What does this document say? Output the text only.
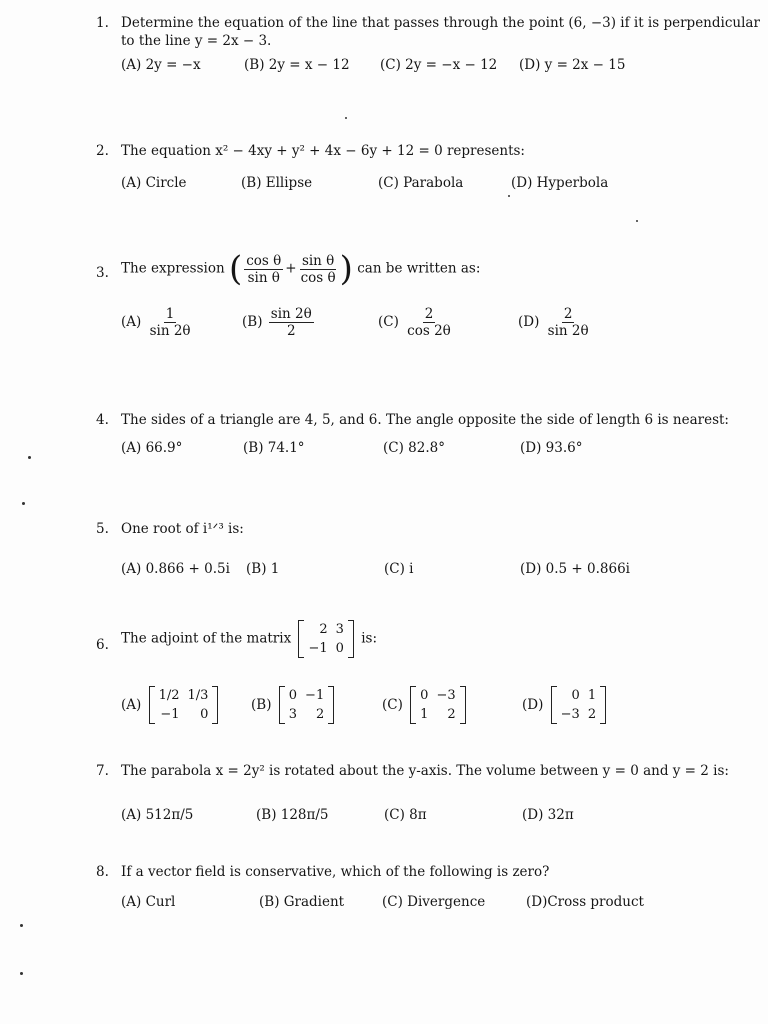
1. Determine the equation of the line that passes through the point (6, −3) if it is perpendicular
to the line y = 2x − 3.
(A) 2y = −x	(B) 2y = x − 12 (C) 2y = −x − 12 (D) y = 2x − 15
2. The equation x² − 4xy + y² + 4x − 6y + 12 = 0 represents:
(A) Circle	(B) Ellipse	(C) Parabola	(D) Hyperbola
3. The expression ( $\frac{\text{cos θ}}{\text{sin θ}} + \frac{\text{sin θ}}{\text{cos θ}}$ ) can be written as:
$(A) \frac{1}{\sin 2\theta}$	$(B) \frac{\sin 2\theta}{2}$	$(C) \frac{2}{\cos 2\theta}$	$(D) \frac{2}{\sin 2\theta}$
4. The sides of a triangle are 4, 5, and 6. The angle opposite the side of length 6 is nearest:
(A) 66.9°	(B) 74.1°	(C) 82.8°	(D) 93.6°
5. One root of i¹ᐟ³ is:
(A) 0.866 + 0.5i (B) 1	(C) i	(D) 0.5 + 0.866i
6. The adjoint of the matrix
2	3
−1	0
is:
(A)
1/2	1/3
−1	0
(B)
0	−1
3	2
(C)
0	−3
1	2
(D)
0	1
−3	2
7. The parabola x = 2y² is rotated about the y-axis. The volume between y = 0 and y = 2 is:
(A) 512π/5	(B) 128π/5	(C) 8π	(D) 32π
8. If a vector field is conservative, which of the following is zero?
(A) Curl	(B) Gradient	(C) Divergence	(D)Cross product
